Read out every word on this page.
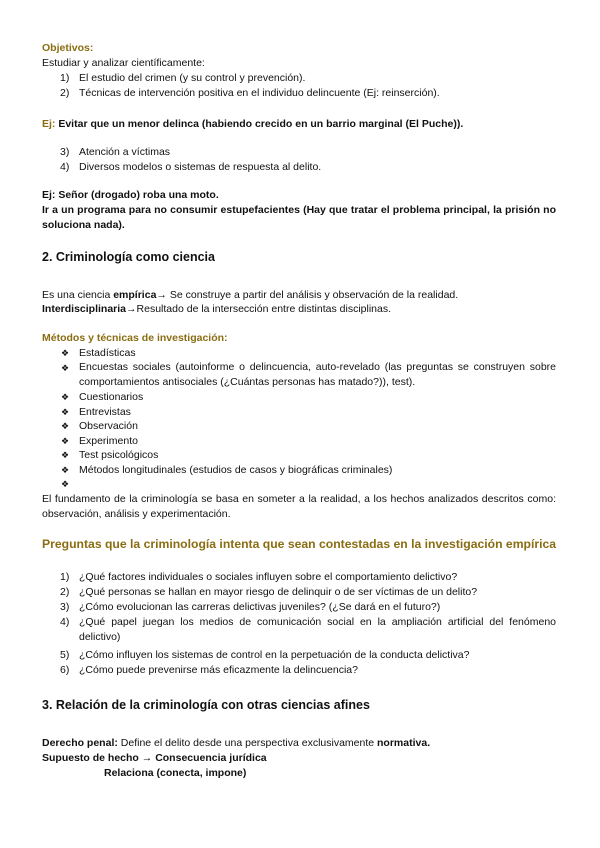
Objetivos:
Estudiar y analizar científicamente:
1) El estudio del crimen (y su control y prevención).
2) Técnicas de intervención positiva en el individuo delincuente (Ej: reinserción).
Ej: Evitar que un menor delinca (habiendo crecido en un barrio marginal (El Puche)).
3) Atención a víctimas
4) Diversos modelos o sistemas de respuesta al delito.
Ej: Señor (drogado) roba una moto.
Ir a un programa para no consumir estupefacientes (Hay que tratar el problema principal, la prisión no soluciona nada).
2. Criminología como ciencia
Es una ciencia empírica→ Se construye a partir del análisis y observación de la realidad.
Interdisciplinaria→Resultado de la intersección entre distintas disciplinas.
Métodos y técnicas de investigación:
❖ Estadísticas
❖ Encuestas sociales (autoinforme o delincuencia, auto-revelado (las preguntas se construyen sobre comportamientos antisociales (¿Cuántas personas has matado?)), test).
❖ Cuestionarios
❖ Entrevistas
❖ Observación
❖ Experimento
❖ Test psicológicos
❖ Métodos longitudinales (estudios de casos y biográficas criminales)
❖
El fundamento de la criminología se basa en someter a la realidad, a los hechos analizados descritos como: observación, análisis y experimentación.
Preguntas que la criminología intenta que sean contestadas en la investigación empírica
1) ¿Qué factores individuales o sociales influyen sobre el comportamiento delictivo?
2) ¿Qué personas se hallan en mayor riesgo de delinquir o de ser víctimas de un delito?
3) ¿Cómo evolucionan las carreras delictivas juveniles? (¿Se dará en el futuro?)
4) ¿Qué papel juegan los medios de comunicación social en la ampliación artificial del fenómeno delictivo)
5) ¿Cómo influyen los sistemas de control en la perpetuación de la conducta delictiva?
6) ¿Cómo puede prevenirse más eficazmente la delincuencia?
3. Relación de la criminología con otras ciencias afines
Derecho penal: Define el delito desde una perspectiva exclusivamente normativa.
Supuesto de hecho → Consecuencia jurídica
Relaciona (conecta, impone)
